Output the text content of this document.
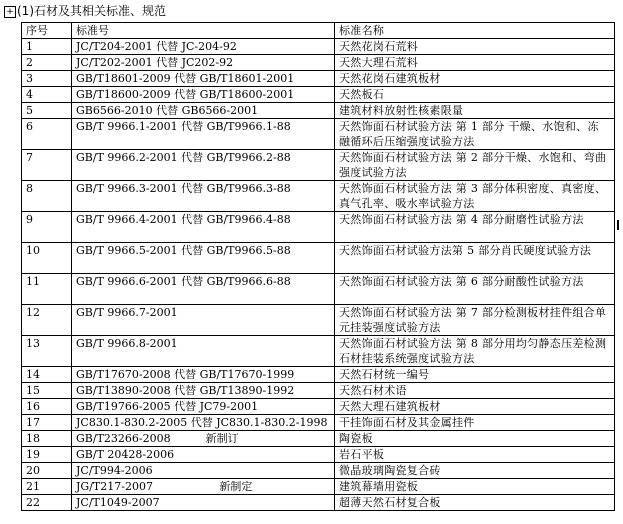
+ (1)石材及其相关标准、规范
序号	标准号	标准名称
1	JC/T204-2001 代替 JC-204-92	天然花岗石荒料
2	JC/T202-2001 代替 JC202-92	天然大理石荒料
3	GB/T18601-2009 代替 GB/T18601-2001	天然花岗石建筑板材
4	GB/T18600-2009 代替 GB/T18600-2001	天然板石
5	GB6566-2010 代替 GB6566-2001	建筑材料放射性核素限量
6	GB/T 9966.1-2001 代替 GB/T9966.1-88	天然饰面石材试验方法 第 1 部分 干燥、水饱和、冻融循环后压缩强度试验方法
7	GB/T 9966.2-2001 代替 GB/T9966.2-88	天然饰面石材试验方法 第 2 部分干燥、水饱和、弯曲强度试验方法
8	GB/T 9966.3-2001 代替 GB/T9966.3-88	天然饰面石材试验方法 第 3 部分体积密度、真密度、真气孔率、吸水率试验方法
9	GB/T 9966.4-2001 代替 GB/T9966.4-88	天然饰面石材试验方法 第 4 部分耐磨性试验方法
10	GB/T 9966.5-2001 代替 GB/T9966.5-88	天然饰面石材试验方法第 5 部分肖氏硬度试验方法
11	GB/T 9966.6-2001 代替 GB/T9966.6-88	天然饰面石材试验方法 第 6 部分耐酸性试验方法
12	GB/T 9966.7-2001	天然饰面石材试验方法 第 7 部分检测板材挂件组合单元挂装强度试验方法
13	GB/T 9966.8-2001	天然饰面石材试验方法 第 8 部分用均匀静态压差检测石材挂装系统强度试验方法
14	GB/T17670-2008 代替 GB/T17670-1999	天然石材统一编号
15	GB/T13890-2008 代替 GB/T13890-1992	天然石材术语
16	GB/T19766-2005 代替 JC79-2001	天然大理石建筑板材
17	JC830.1-830.2-2005 代替 JC830.1-830.2-1998	干挂饰面石材及其金属挂件
18	GB/T23266-2008          新制订	陶瓷板
19	GB/T 20428-2006	岩石平板
20	JC/T994-2006	微晶玻璃陶瓷复合砖
21	JG/T217-2007                   新制定	建筑幕墙用瓷板
22	JC/T1049-2007	超薄天然石材复合板
